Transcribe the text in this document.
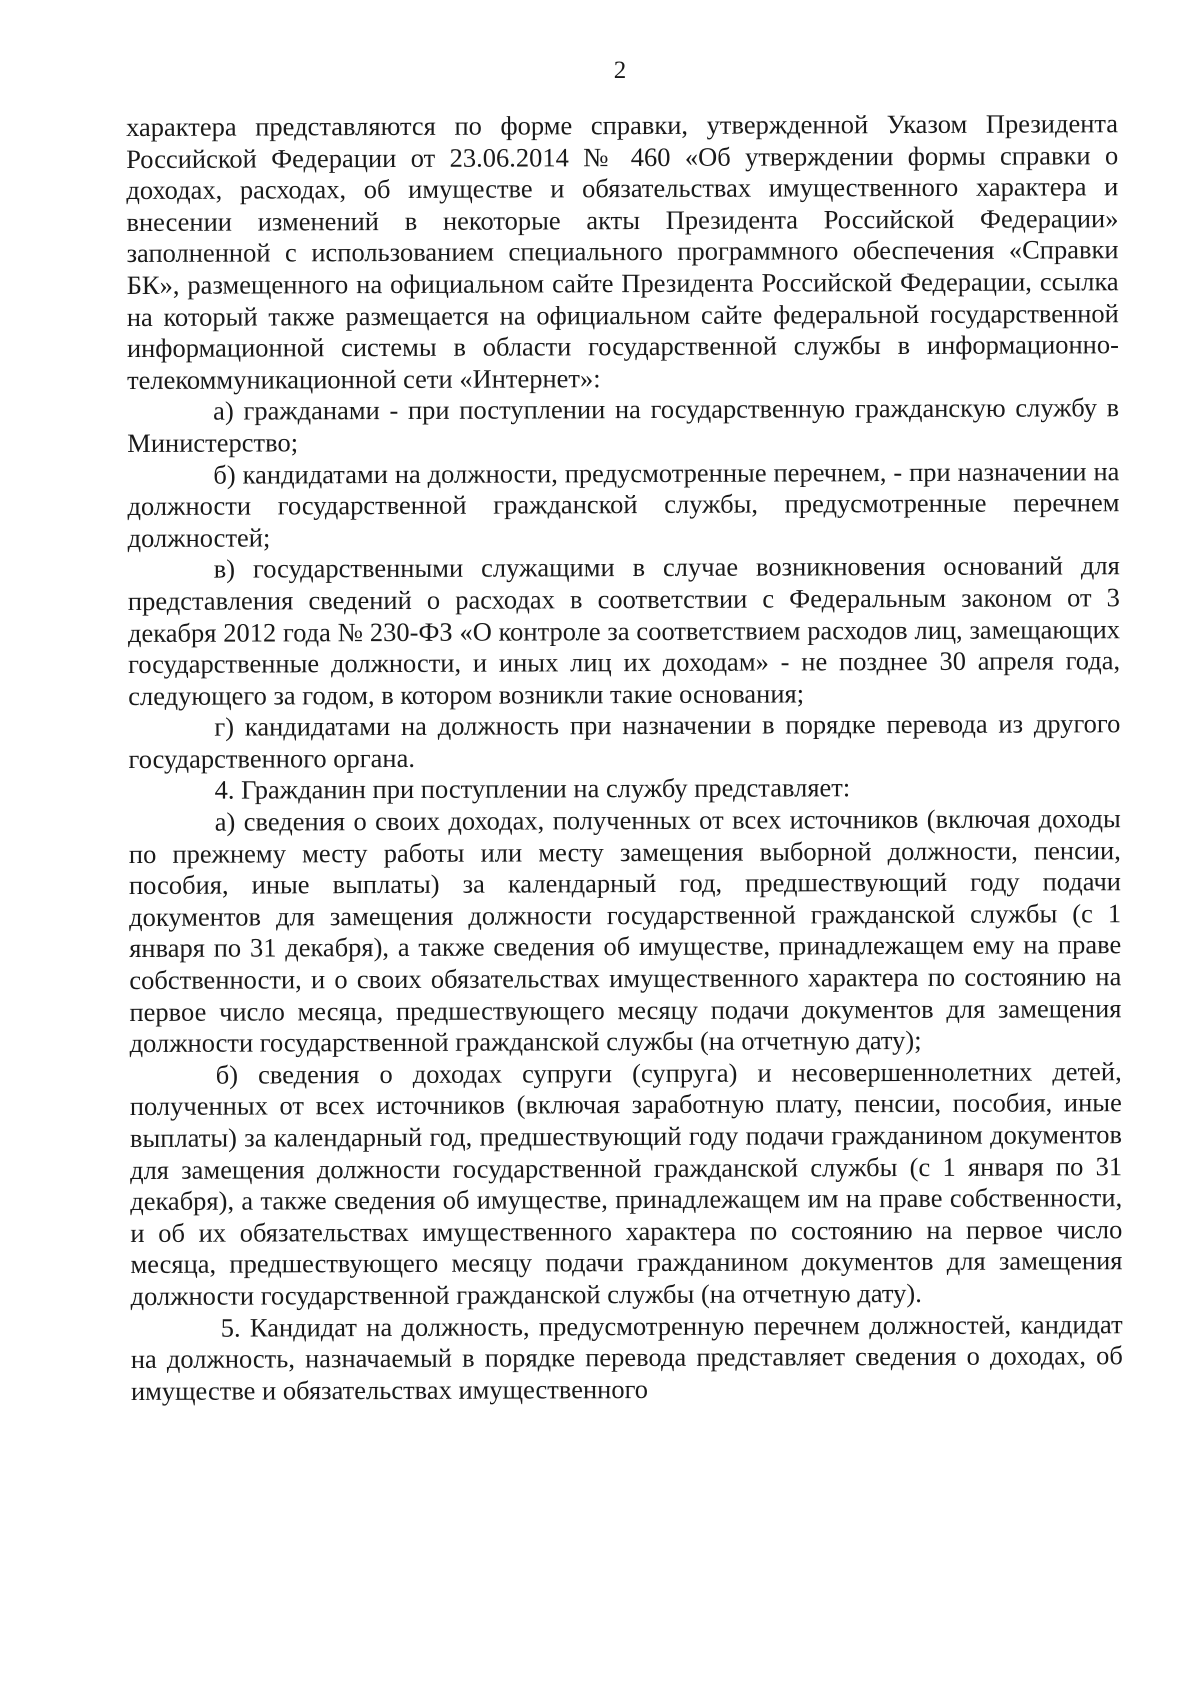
2

характера представляются по форме справки, утвержденной Указом Президента Российской Федерации от 23.06.2014 № 460 «Об утверждении формы справки о доходах, расходах, об имуществе и обязательствах имущественного характера и внесении изменений в некоторые акты Президента Российской Федерации» заполненной с использованием специального программного обеспечения «Справки БК», размещенного на официальном сайте Президента Российской Федерации, ссылка на который также размещается на официальном сайте федеральной государственной информационной системы в области государственной службы в информационно-телекоммуникационной сети «Интернет»:

а) гражданами - при поступлении на государственную гражданскую службу в Министерство;

б) кандидатами на должности, предусмотренные перечнем, - при назначении на должности государственной гражданской службы, предусмотренные перечнем должностей;

в) государственными служащими в случае возникновения оснований для представления сведений о расходах в соответствии с Федеральным законом от 3 декабря 2012 года № 230-ФЗ «О контроле за соответствием расходов лиц, замещающих государственные должности, и иных лиц их доходам» - не позднее 30 апреля года, следующего за годом, в котором возникли такие основания;

г) кандидатами на должность при назначении в порядке перевода из другого государственного органа.

4. Гражданин при поступлении на службу представляет:

а) сведения о своих доходах, полученных от всех источников (включая доходы по прежнему месту работы или месту замещения выборной должности, пенсии, пособия, иные выплаты) за календарный год, предшествующий году подачи документов для замещения должности государственной гражданской службы (с 1 января по 31 декабря), а также сведения об имуществе, принадлежащем ему на праве собственности, и о своих обязательствах имущественного характера по состоянию на первое число месяца, предшествующего месяцу подачи документов для замещения должности государственной гражданской службы (на отчетную дату);

б) сведения о доходах супруги (супруга) и несовершеннолетних детей, полученных от всех источников (включая заработную плату, пенсии, пособия, иные выплаты) за календарный год, предшествующий году подачи гражданином документов для замещения должности государственной гражданской службы (с 1 января по 31 декабря), а также сведения об имуществе, принадлежащем им на праве собственности, и об их обязательствах имущественного характера по состоянию на первое число месяца, предшествующего месяцу подачи гражданином документов для замещения должности государственной гражданской службы (на отчетную дату).

5. Кандидат на должность, предусмотренную перечнем должностей, кандидат на должность, назначаемый в порядке перевода представляет сведения о доходах, об имуществе и обязательствах имущественного
